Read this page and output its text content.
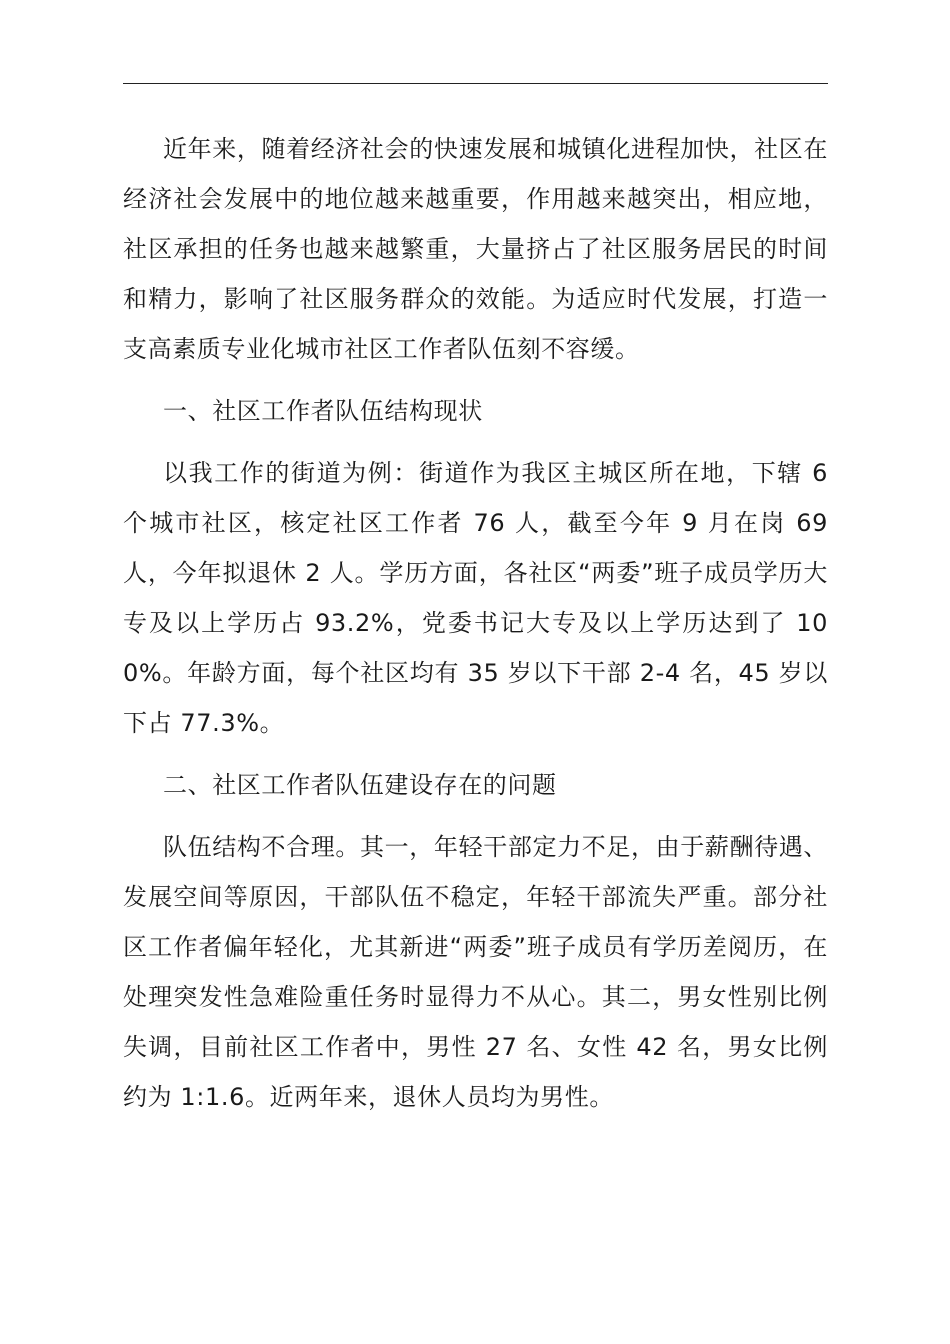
近年来，随着经济社会的快速发展和城镇化进程加快，社区在经济社会发展中的地位越来越重要，作用越来越突出，相应地，社区承担的任务也越来越繁重，大量挤占了社区服务居民的时间和精力，影响了社区服务群众的效能。为适应时代发展，打造一支高素质专业化城市社区工作者队伍刻不容缓。

一、社区工作者队伍结构现状

以我工作的街道为例：街道作为我区主城区所在地，下辖 6 个城市社区，核定社区工作者 76 人，截至今年 9 月在岗 69 人，今年拟退休 2 人。学历方面，各社区“两委”班子成员学历大专及以上学历占 93.2%，党委书记大专及以上学历达到了 100%。年龄方面，每个社区均有 35 岁以下干部 2-4 名，45 岁以下占 77.3%。

二、社区工作者队伍建设存在的问题

队伍结构不合理。其一，年轻干部定力不足，由于薪酬待遇、发展空间等原因，干部队伍不稳定，年轻干部流失严重。部分社区工作者偏年轻化，尤其新进“两委”班子成员有学历差阅历，在处理突发性急难险重任务时显得力不从心。其二，男女性别比例失调，目前社区工作者中，男性 27 名、女性 42 名，男女比例约为 1:1.6。近两年来，退休人员均为男性。
